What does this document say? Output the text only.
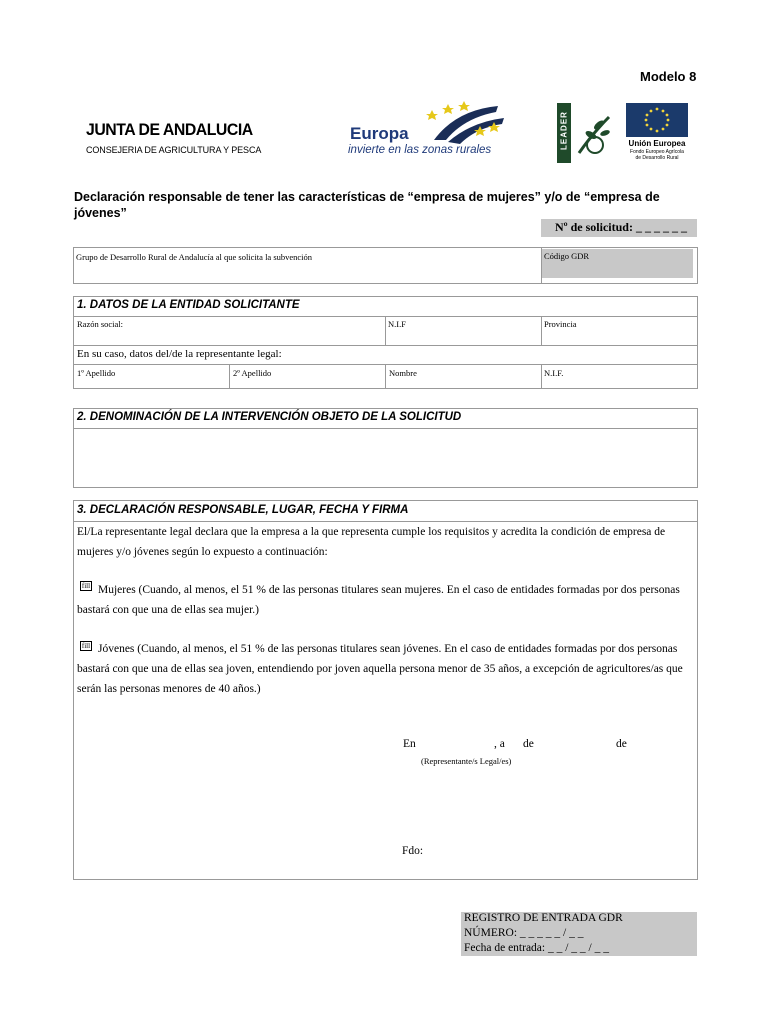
Modelo 8
JUNTA DE ANDALUCIA
CONSEJERIA DE AGRICULTURA Y PESCA
Europa
invierte en las zonas rurales
LEADER	Unión Europea
Fondo Europeo Agrícola
de Desarrollo Rural
Declaración responsable de tener las características de “empresa de mujeres” y/o de “empresa de
jóvenes”
Nº de solicitud: _ _ _ _ _ _
Grupo de Desarrollo Rural de Andalucía al que solicita la subvención	Código GDR
1. DATOS DE LA ENTIDAD SOLICITANTE
Razón social:	N.I.F	Provincia
En su caso, datos del/de la representante legal:
1º Apellido	2º Apellido	Nombre	N.I.F.
2. DENOMINACIÓN DE LA INTERVENCIÓN OBJETO DE LA SOLICITUD
3. DECLARACIÓN RESPONSABLE, LUGAR, FECHA Y FIRMA
El/La representante legal declara que la empresa a la que representa cumple los requisitos y acredita la condición de empresa de
mujeres y/o jóvenes según lo expuesto a continuación:
fill Mujeres (Cuando, al menos, el 51 % de las personas titulares sean mujeres. En el caso de entidades formadas por dos personas
bastará con que una de ellas sea mujer.)
fill Jóvenes (Cuando, al menos, el 51 % de las personas titulares sean jóvenes. En el caso de entidades formadas por dos personas
bastará con que una de ellas sea joven, entendiendo por joven aquella persona menor de 35 años, a excepción de agricultores/as que
serán las personas menores de 40 años.)
En	, a de	de
(Representante/s Legal/es)
Fdo:
REGISTRO DE ENTRADA GDR
NÚMERO: _ _ _ _ _ / _ _
Fecha de entrada: _ _ / _ _ / _ _
